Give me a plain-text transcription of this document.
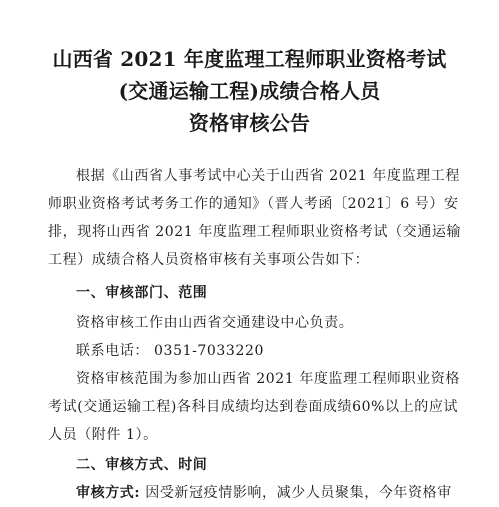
山西省 2021 年度监理工程师职业资格考试
(交通运输工程)成绩合格人员
资格审核公告
根据《山西省人事考试中心关于山西省 2021 年度监理工程
师职业资格考试考务工作的通知》（晋人考函〔2021〕6 号）安
排，现将山西省 2021 年度监理工程师职业资格考试（交通运输
工程）成绩合格人员资格审核有关事项公告如下：
一、审核部门、范围
资格审核工作由山西省交通建设中心负责。
联系电话： 0351-7033220
资格审核范围为参加山西省 2021 年度监理工程师职业资格
考试(交通运输工程)各科目成绩均达到卷面成绩60%以上的应试
人员（附件 1）。
二、审核方式、时间
审核方式: 因受新冠疫情影响，减少人员聚集，今年资格审
